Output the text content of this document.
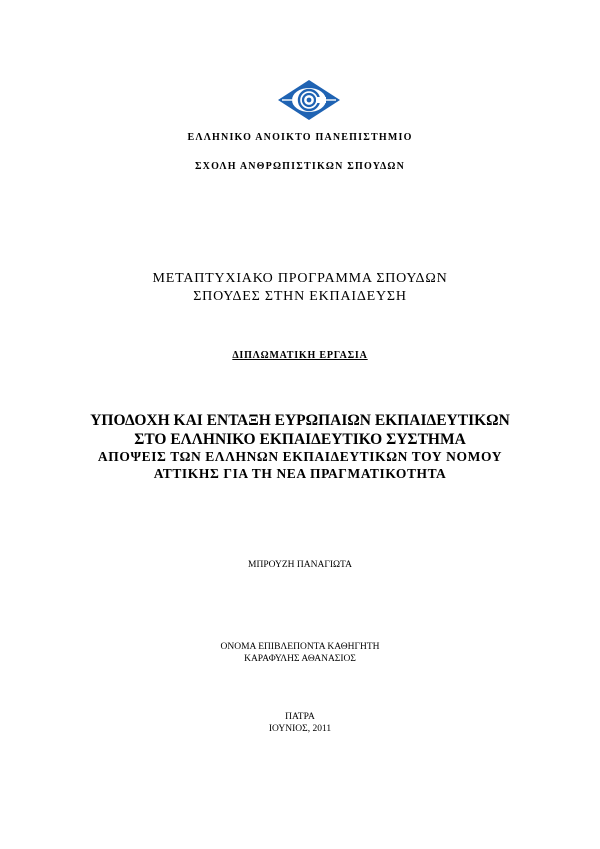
ΕΛΛΗΝΙΚΟ ΑΝΟΙΚΤΟ ΠΑΝΕΠΙΣΤΗΜΙΟ

ΣΧΟΛΗ ΑΝΘΡΩΠΙΣΤΙΚΩΝ ΣΠΟΥΔΩΝ

ΜΕΤΑΠΤΥΧΙΑΚΟ ΠΡΟΓΡΑΜΜΑ ΣΠΟΥΔΩΝ

ΣΠΟΥΔΕΣ ΣΤΗΝ ΕΚΠΑΙΔΕΥΣΗ

ΔΙΠΛΩΜΑΤΙΚΗ ΕΡΓΑΣΙΑ

ΥΠΟΔΟΧΗ ΚΑΙ ΕΝΤΑΞΗ ΕΥΡΩΠΑΙΩΝ ΕΚΠΑΙΔΕΥΤΙΚΩΝ

ΣΤΟ ΕΛΛΗΝΙΚΟ ΕΚΠΑΙΔΕΥΤΙΚΟ ΣΥΣΤΗΜΑ

ΑΠΟΨΕΙΣ ΤΩΝ ΕΛΛΗΝΩΝ ΕΚΠΑΙΔΕΥΤΙΚΩΝ ΤΟΥ ΝΟΜΟΥ

ΑΤΤΙΚΗΣ ΓΙΑ ΤΗ ΝΕΑ ΠΡΑΓΜΑΤΙΚΟΤΗΤΑ

ΜΠΡΟΥΖΗ ΠΑΝΑΓΙΩΤΑ

ΟΝΟΜΑ ΕΠΙΒΛΕΠΟΝΤΑ ΚΑΘΗΓΗΤΗ

ΚΑΡΑΦΥΛΗΣ ΑΘΑΝΑΣΙΟΣ

ΠΑΤΡΑ

ΙΟΥΝΙΟΣ, 2011
